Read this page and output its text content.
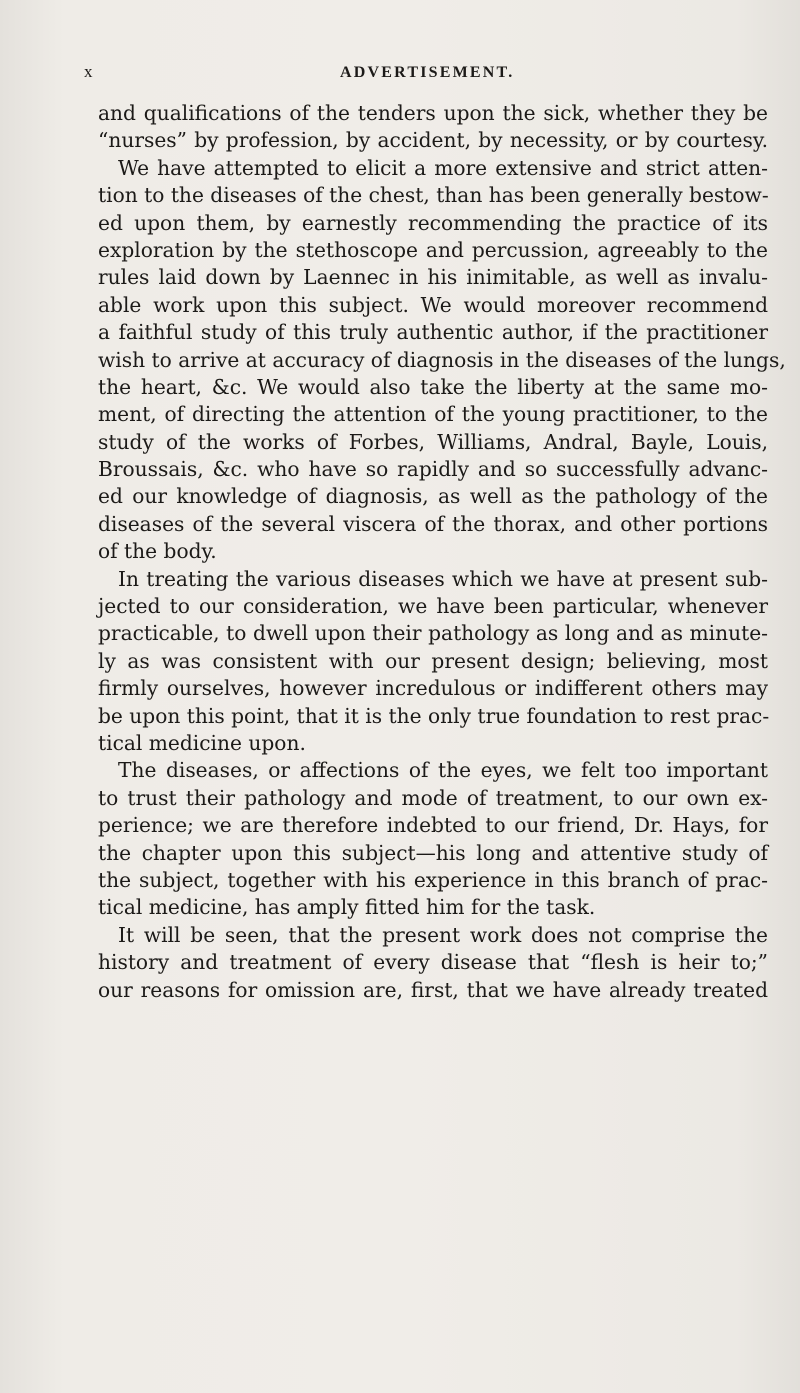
x	ADVERTISEMENT.
and qualifications of the tenders upon the sick, whether they be
“nurses” by profession, by accident, by necessity, or by courtesy.
We have attempted to elicit a more extensive and strict atten-
tion to the diseases of the chest, than has been generally bestow-
ed upon them, by earnestly recommending the practice of its
exploration by the stethoscope and percussion, agreeably to the
rules laid down by Laennec in his inimitable, as well as invalu-
able work upon this subject. We would moreover recommend
a faithful study of this truly authentic author, if the practitioner
wish to arrive at accuracy of diagnosis in the diseases of the lungs,
the heart, &c. We would also take the liberty at the same mo-
ment, of directing the attention of the young practitioner, to the
study of the works of Forbes, Williams, Andral, Bayle, Louis,
Broussais, &c. who have so rapidly and so successfully advanc-
ed our knowledge of diagnosis, as well as the pathology of the
diseases of the several viscera of the thorax, and other portions
of the body.
In treating the various diseases which we have at present sub-
jected to our consideration, we have been particular, whenever
practicable, to dwell upon their pathology as long and as minute-
ly as was consistent with our present design; believing, most
firmly ourselves, however incredulous or indifferent others may
be upon this point, that it is the only true foundation to rest prac-
tical medicine upon.
The diseases, or affections of the eyes, we felt too important
to trust their pathology and mode of treatment, to our own ex-
perience; we are therefore indebted to our friend, Dr. Hays, for
the chapter upon this subject—his long and attentive study of
the subject, together with his experience in this branch of prac-
tical medicine, has amply fitted him for the task.
It will be seen, that the present work does not comprise the
history and treatment of every disease that “flesh is heir to;”
our reasons for omission are, first, that we have already treated
